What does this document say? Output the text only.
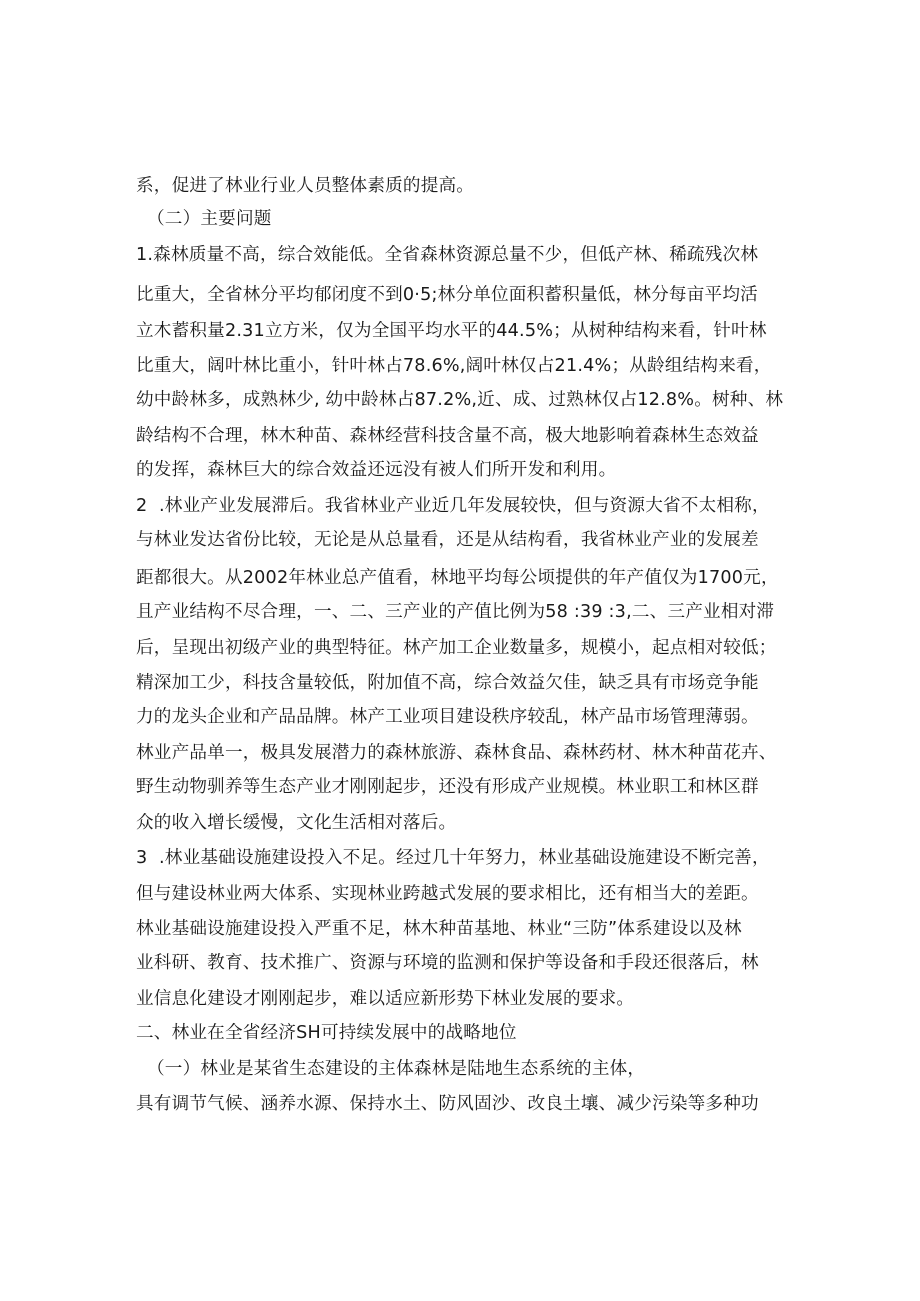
系，促进了林业行业人员整体素质的提高。
（二）主要问题
1.森林质量不高，综合效能低。全省森林资源总量不少，但低产林、稀疏残次林
比重大，全省林分平均郁闭度不到0·5;林分单位面积蓄积量低，林分每亩平均活
立木蓄积量2.31立方米，仅为全国平均水平的44.5%；从树种结构来看，针叶林
比重大，阔叶林比重小，针叶林占78.6%,阔叶林仅占21.4%；从龄组结构来看，
幼中龄林多，成熟林少, 幼中龄林占87.2%,近、成、过熟林仅占12.8%。树种、林
龄结构不合理，林木种苗、森林经营科技含量不高，极大地影响着森林生态效益
的发挥，森林巨大的综合效益还远没有被人们所开发和利用。
2  .林业产业发展滞后。我省林业产业近几年发展较快，但与资源大省不太相称，
与林业发达省份比较，无论是从总量看，还是从结构看，我省林业产业的发展差
距都很大。从2002年林业总产值看，林地平均每公顷提供的年产值仅为1700元，
且产业结构不尽合理，一、二、三产业的产值比例为58 :39 :3,二、三产业相对滞
后，呈现出初级产业的典型特征。林产加工企业数量多，规模小，起点相对较低；
精深加工少，科技含量较低，附加值不高，综合效益欠佳，缺乏具有市场竞争能
力的龙头企业和产品品牌。林产工业项目建设秩序较乱，林产品市场管理薄弱。
林业产品单一，极具发展潜力的森林旅游、森林食品、森林药材、林木种苗花卉、
野生动物驯养等生态产业才刚刚起步，还没有形成产业规模。林业职工和林区群
众的收入增长缓慢，文化生活相对落后。
3  .林业基础设施建设投入不足。经过几十年努力，林业基础设施建设不断完善，
但与建设林业两大体系、实现林业跨越式发展的要求相比，还有相当大的差距。
林业基础设施建设投入严重不足，林木种苗基地、林业“三防”体系建设以及林
业科研、教育、技术推广、资源与环境的监测和保护等设备和手段还很落后，林
业信息化建设才刚刚起步，难以适应新形势下林业发展的要求。
二、林业在全省经济SH可持续发展中的战略地位
（一）林业是某省生态建设的主体森林是陆地生态系统的主体，
具有调节气候、涵养水源、保持水土、防风固沙、改良土壤、减少污染等多种功
